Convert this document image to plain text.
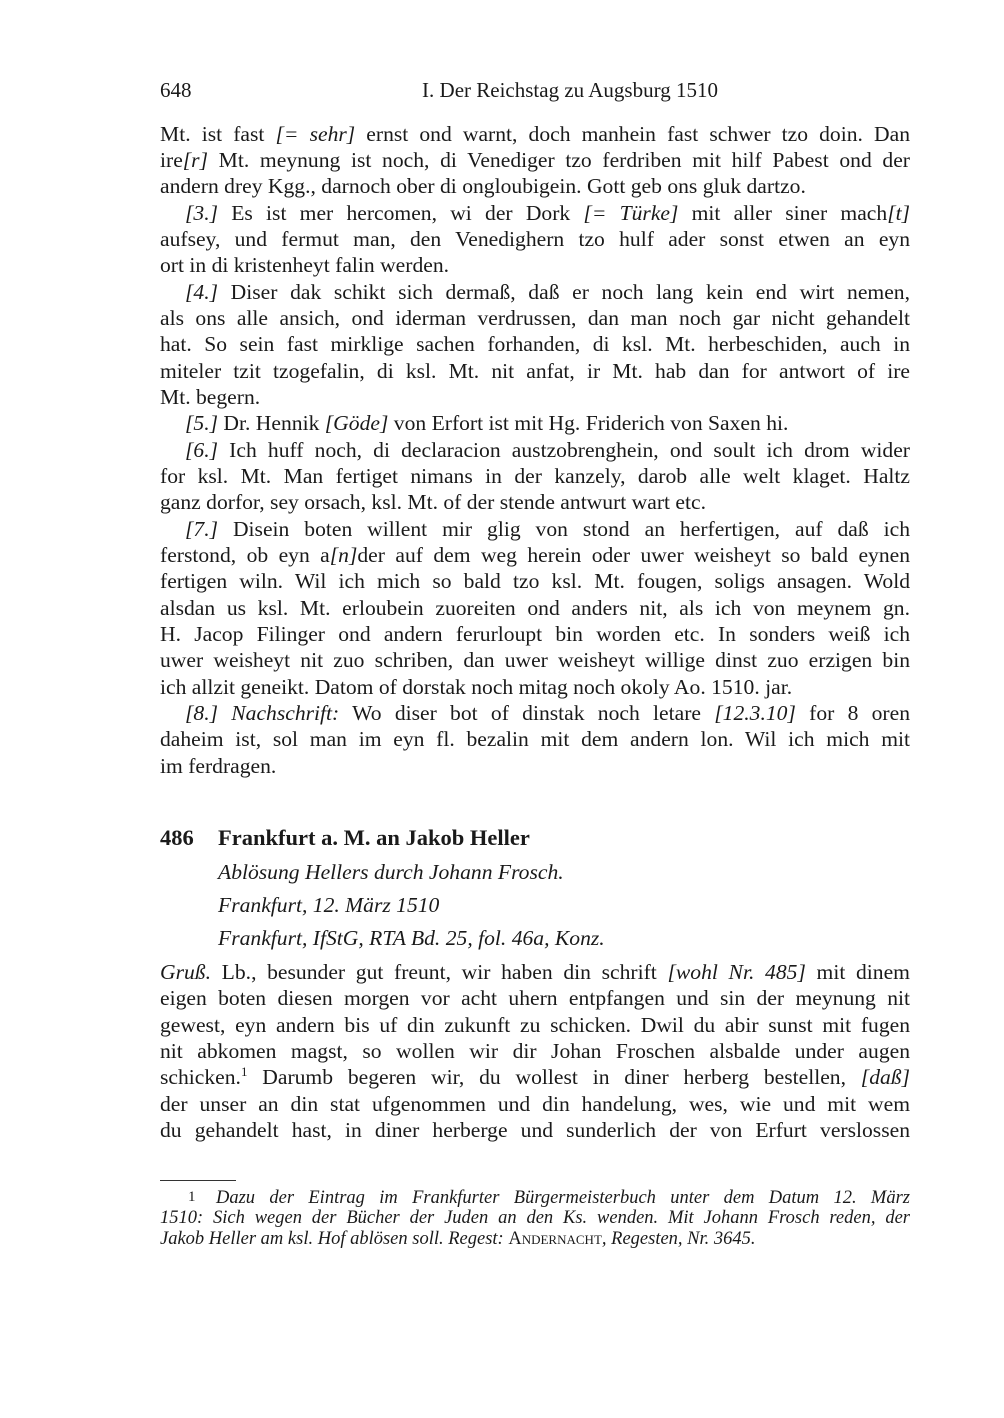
648	I. Der Reichstag zu Augsburg 1510
Mt. ist fast [= sehr] ernst ond warnt, doch manhein fast schwer tzo doin. Dan
ire[r] Mt. meynung ist noch, di Venediger tzo ferdriben mit hilf Pabest ond der
andern drey Kgg., darnoch ober di ongloubigein. Gott geb ons gluk dartzo.
[3.] Es ist mer hercomen, wi der Dork [= Türke] mit aller siner mach[t]
aufsey, und fermut man, den Venedighern tzo hulf ader sonst etwen an eyn
ort in di kristenheyt falin werden.
[4.] Diser dak schikt sich dermaß, daß er noch lang kein end wirt nemen,
als ons alle ansich, ond iderman verdrussen, dan man noch gar nicht gehandelt
hat. So sein fast mirklige sachen forhanden, di ksl. Mt. herbeschiden, auch in
miteler tzit tzogefalin, di ksl. Mt. nit anfat, ir Mt. hab dan for antwort of ire
Mt. begern.
[5.] Dr. Hennik [Göde] von Erfort ist mit Hg. Friderich von Saxen hi.
[6.] Ich huff noch, di declaracion austzobrenghein, ond soult ich drom wider
for ksl. Mt. Man fertiget nimans in der kanzely, darob alle welt klaget. Haltz
ganz dorfor, sey orsach, ksl. Mt. of der stende antwurt wart etc.
[7.] Disein boten willent mir glig von stond an herfertigen, auf daß ich
ferstond, ob eyn a[n]der auf dem weg herein oder uwer weisheyt so bald eynen
fertigen wiln. Wil ich mich so bald tzo ksl. Mt. fougen, soligs ansagen. Wold
alsdan us ksl. Mt. erloubein zuoreiten ond anders nit, als ich von meynem gn.
H. Jacop Filinger ond andern ferurloupt bin worden etc. In sonders weiß ich
uwer weisheyt nit zuo schriben, dan uwer weisheyt willige dinst zuo erzigen bin
ich allzit geneikt. Datom of dorstak noch mitag noch okoly Ao. 1510. jar.
[8.] Nachschrift: Wo diser bot of dinstak noch letare [12.3.10] for 8 oren
daheim ist, sol man im eyn fl. bezalin mit dem andern lon. Wil ich mich mit
im ferdragen.
486 Frankfurt a. M. an Jakob Heller
Ablösung Hellers durch Johann Frosch.
Frankfurt, 12. März 1510
Frankfurt, IfStG, RTA Bd. 25, fol. 46a, Konz.
Gruß. Lb., besunder gut freunt, wir haben din schrift [wohl Nr. 485] mit dinem
eigen boten diesen morgen vor acht uhern entpfangen und sin der meynung nit
gewest, eyn andern bis uf din zukunft zu schicken. Dwil du abir sunst mit fugen
nit abkomen magst, so wollen wir dir Johan Froschen alsbalde under augen
schicken.$^1$ Darumb begeren wir, du wollest in diner herberg bestellen, [daß]
der unser an din stat ufgenommen und din handelung, wes, wie und mit wem
du gehandelt hast, in diner herberge und sunderlich der von Erfurt verslossen
1 Dazu der Eintrag im Frankfurter Bürgermeisterbuch unter dem Datum 12. März
1510: Sich wegen der Bücher der Juden an den Ks. wenden. Mit Johann Frosch reden, der
Jakob Heller am ksl. Hof ablösen soll. Regest: Andernacht, Regesten, Nr. 3645.
